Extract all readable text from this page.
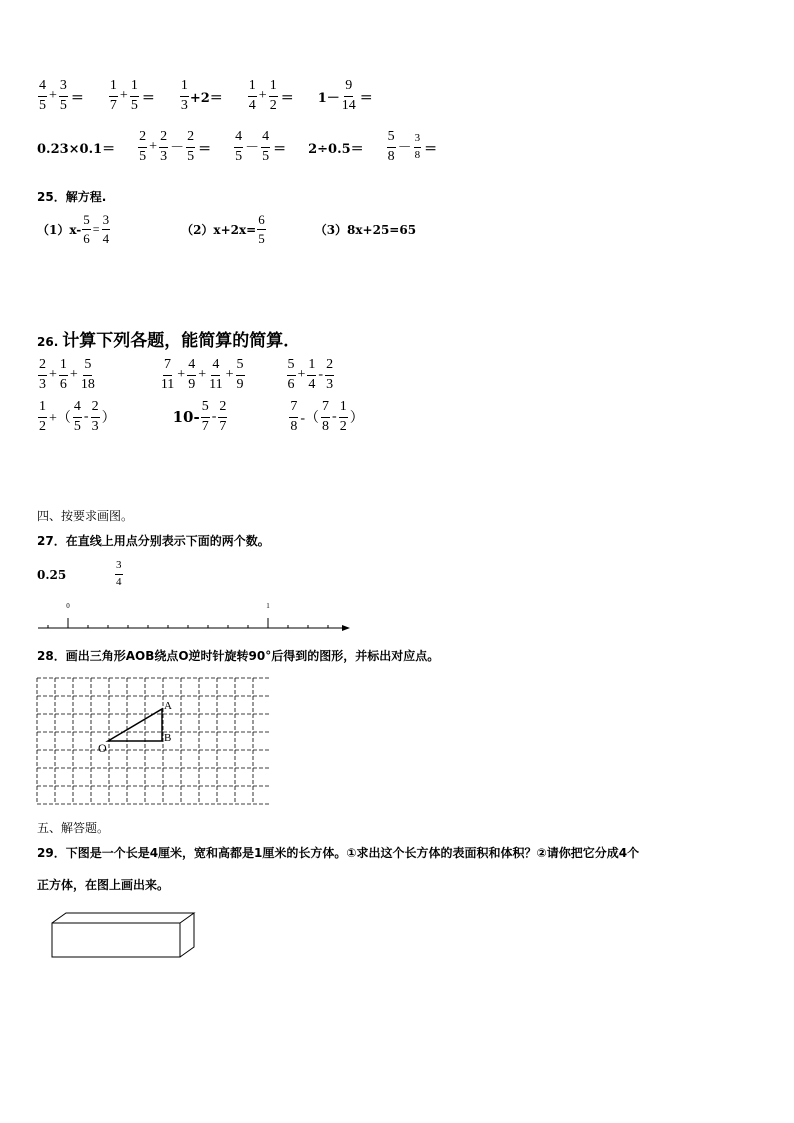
$\frac{4}{5} + \frac{3}{5} = \frac{1}{7} + \frac{1}{5} = \frac{1}{3} +2= \frac{1}{4} + \frac{1}{2} = 1- \frac{9}{14}$ ＝
$0.23\times 0.1= \frac{2}{5} + \frac{2}{3} - \frac{2}{5} = \frac{4}{5} - \frac{4}{5} = 2\div 0.5= \frac{5}{8} - \frac{3}{8}$ ＝
25．解方程.
$(1)x- \frac{5}{6} = \frac{3}{4}$	$(2)x+2x= \frac{6}{5}$	（3）8x+25=65
26. 计算下列各题，能简算的简算．
$\frac{2}{3} + \frac{1}{6} + \frac{5}{18}$	$\frac{7}{11} + \frac{4}{9} + \frac{4}{11} + \frac{5}{9}$	$\frac{5}{6} + \frac{1}{4} - \frac{2}{3}$
$\frac{1}{2}$ +（ $\frac{4}{5} - \frac{2}{3}$ ）	$10- \frac{5}{7} - \frac{2}{7}$	$\frac{7}{8}$ -（ $\frac{7}{8} - \frac{1}{2}$ ）
四、按要求画图。
27．在直线上用点分别表示下面的两个数。
0.25	$\frac{3}{4}$
0	1
28．画出三角形AOB绕点O逆时针旋转90°后得到的图形，并标出对应点。
O
A
B
五、解答题。
29．下图是一个长是4厘米，宽和高都是1厘米的长方体。①求出这个长方体的表面积和体积？②请你把它分成4个
正方体，在图上画出来。
